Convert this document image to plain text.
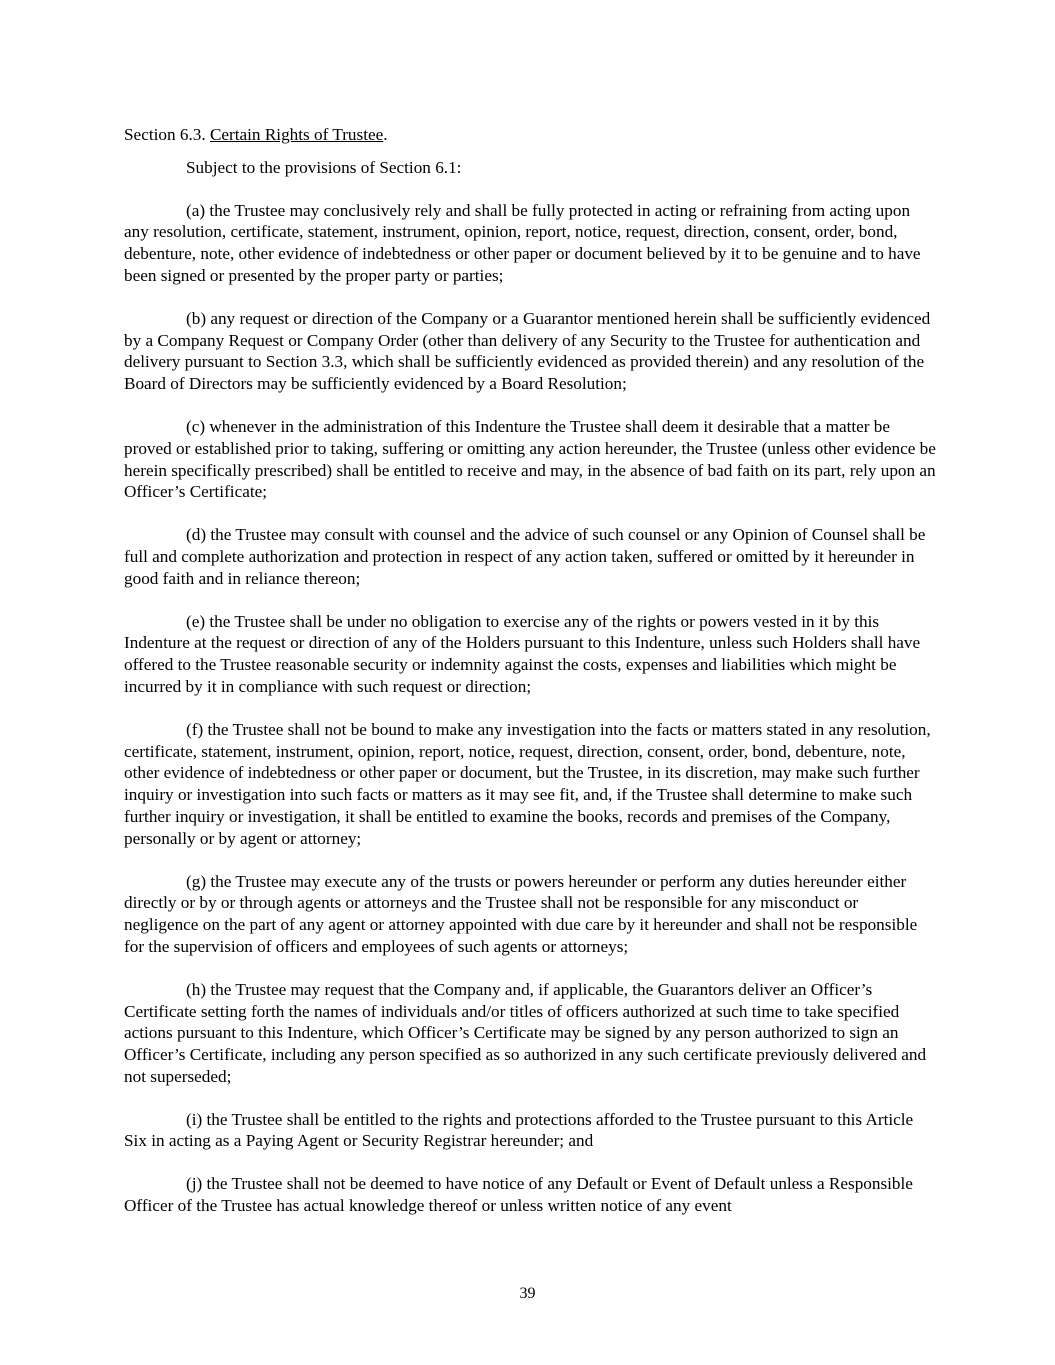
Section 6.3. Certain Rights of Trustee.

Subject to the provisions of Section 6.1:

(a) the Trustee may conclusively rely and shall be fully protected in acting or refraining from acting upon any resolution, certificate, statement, instrument, opinion, report, notice, request, direction, consent, order, bond, debenture, note, other evidence of indebtedness or other paper or document believed by it to be genuine and to have been signed or presented by the proper party or parties;

(b) any request or direction of the Company or a Guarantor mentioned herein shall be sufficiently evidenced by a Company Request or Company Order (other than delivery of any Security to the Trustee for authentication and delivery pursuant to Section 3.3, which shall be sufficiently evidenced as provided therein) and any resolution of the Board of Directors may be sufficiently evidenced by a Board Resolution;

(c) whenever in the administration of this Indenture the Trustee shall deem it desirable that a matter be proved or established prior to taking, suffering or omitting any action hereunder, the Trustee (unless other evidence be herein specifically prescribed) shall be entitled to receive and may, in the absence of bad faith on its part, rely upon an Officer’s Certificate;

(d) the Trustee may consult with counsel and the advice of such counsel or any Opinion of Counsel shall be full and complete authorization and protection in respect of any action taken, suffered or omitted by it hereunder in good faith and in reliance thereon;

(e) the Trustee shall be under no obligation to exercise any of the rights or powers vested in it by this Indenture at the request or direction of any of the Holders pursuant to this Indenture, unless such Holders shall have offered to the Trustee reasonable security or indemnity against the costs, expenses and liabilities which might be incurred by it in compliance with such request or direction;

(f) the Trustee shall not be bound to make any investigation into the facts or matters stated in any resolution, certificate, statement, instrument, opinion, report, notice, request, direction, consent, order, bond, debenture, note, other evidence of indebtedness or other paper or document, but the Trustee, in its discretion, may make such further inquiry or investigation into such facts or matters as it may see fit, and, if the Trustee shall determine to make such further inquiry or investigation, it shall be entitled to examine the books, records and premises of the Company, personally or by agent or attorney;

(g) the Trustee may execute any of the trusts or powers hereunder or perform any duties hereunder either directly or by or through agents or attorneys and the Trustee shall not be responsible for any misconduct or negligence on the part of any agent or attorney appointed with due care by it hereunder and shall not be responsible for the supervision of officers and employees of such agents or attorneys;

(h) the Trustee may request that the Company and, if applicable, the Guarantors deliver an Officer’s Certificate setting forth the names of individuals and/or titles of officers authorized at such time to take specified actions pursuant to this Indenture, which Officer’s Certificate may be signed by any person authorized to sign an Officer’s Certificate, including any person specified as so authorized in any such certificate previously delivered and not superseded;

(i) the Trustee shall be entitled to the rights and protections afforded to the Trustee pursuant to this Article Six in acting as a Paying Agent or Security Registrar hereunder; and

(j) the Trustee shall not be deemed to have notice of any Default or Event of Default unless a Responsible Officer of the Trustee has actual knowledge thereof or unless written notice of any event

39
